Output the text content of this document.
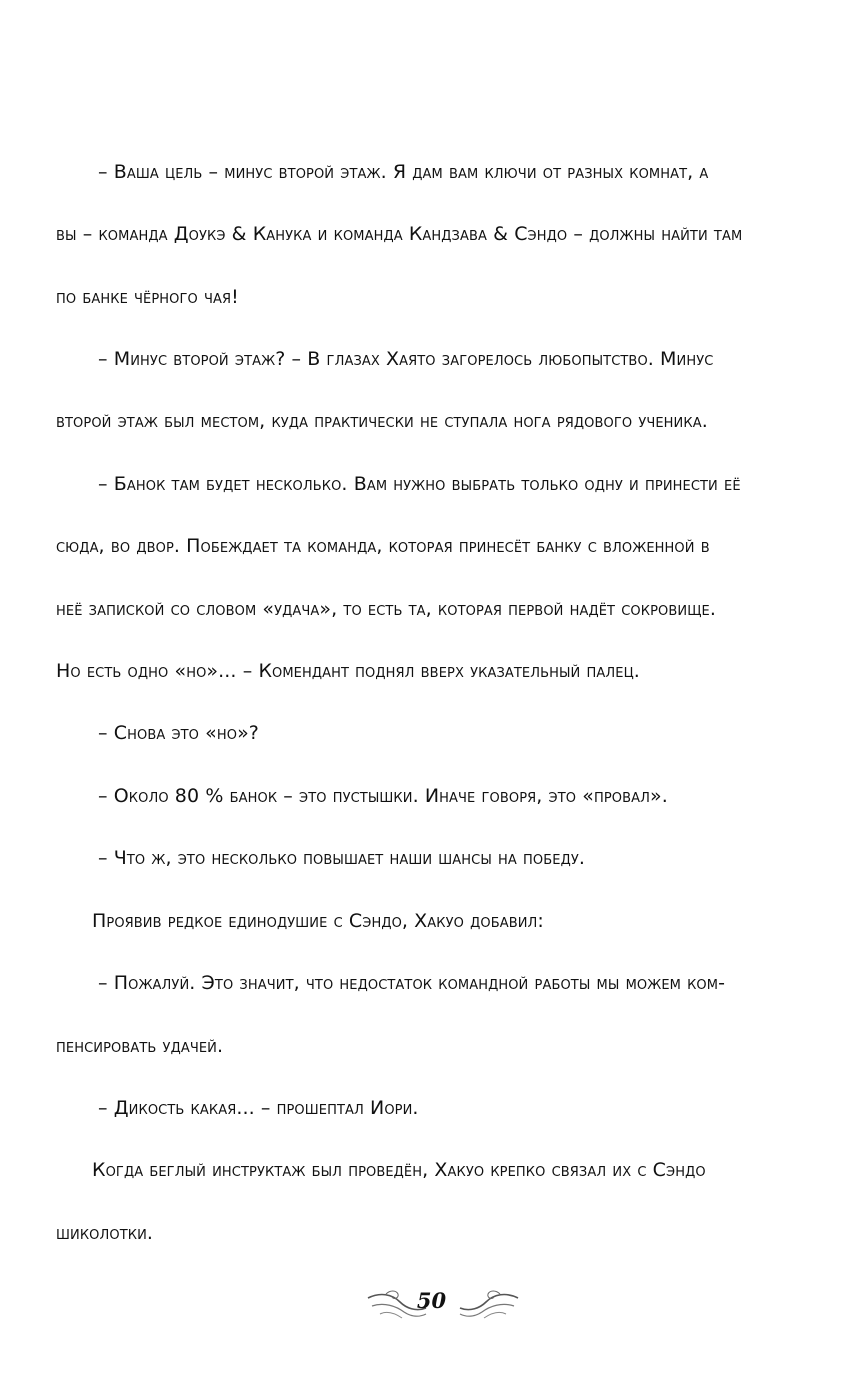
– Ваша цель – минус второй этаж. Я дам вам ключи от разных комнат, а
вы – команда Доукэ & Канука и команда Кандзава & Сэндо – должны найти там
по банке чёрного чая!
– Минус второй этаж? – В глазах Хаято загорелось любопытство. Минус
второй этаж был местом, куда практически не ступала нога рядового ученика.
– Банок там будет несколько. Вам нужно выбрать только одну и принести её
сюда, во двор. Побеждает та команда, которая принесёт банку с вложенной в
неё запиской со словом «удача», то есть та, которая первой надёт сокровище.
Но есть одно «но»... – Комендант поднял вверх указательный палец.
– Снова это «но»?
– Около 80 % банок – это пустышки. Иначе говоря, это «провал».
– Что ж, это несколько повышает наши шансы на победу.
Проявив редкое единодушие с Сэндо, Хакуо добавил:
– Пожалуй. Это значит, что недостаток командной работы мы можем ком-
пенсировать удачей.
– Дикость какая... – прошептал Иори.
Когда беглый инструктаж был проведён, Хакуо крепко связал их с Сэндо
шиколотки.
50
